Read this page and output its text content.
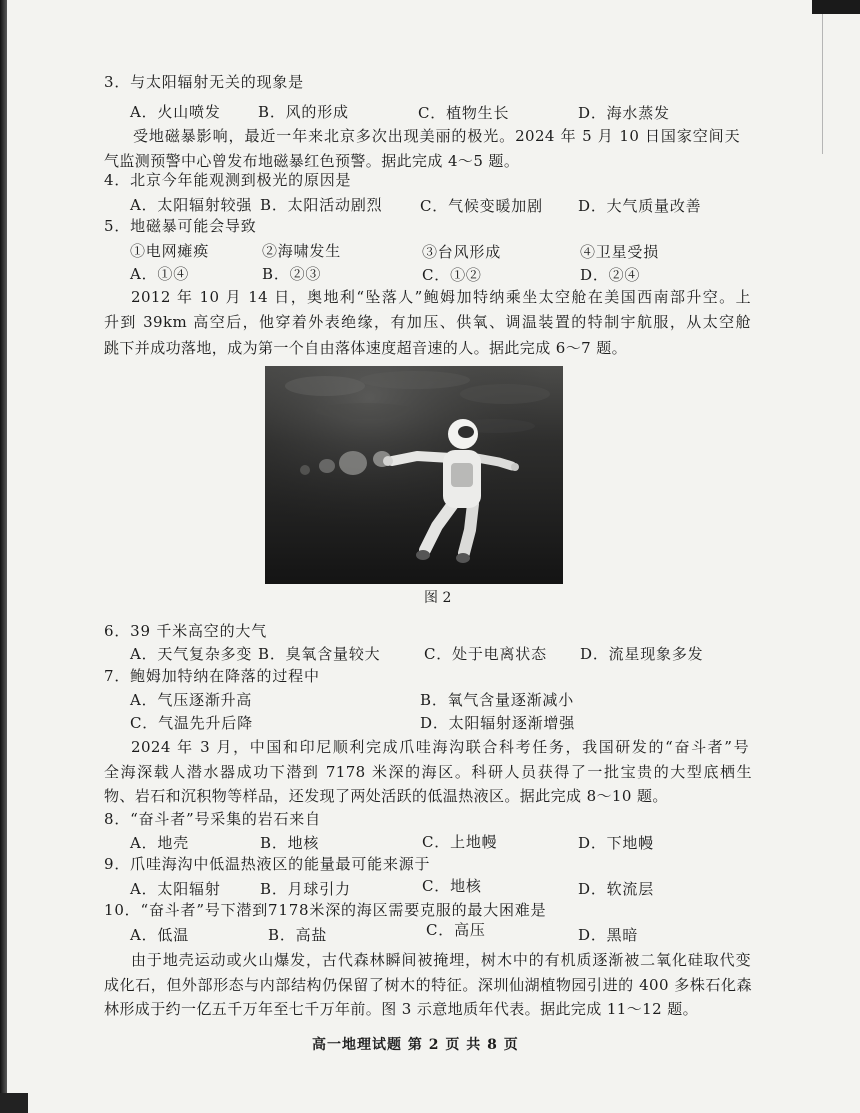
3．与太阳辐射无关的现象是
A．火山喷发 B．风的形成	C．植物生长	D．海水蒸发
受地磁暴影响，最近一年来北京多次出现美丽的极光。2024 年 5 月 10 日国家空间天
气监测预警中心曾发布地磁暴红色预警。据此完成 4～5 题。
4．北京今年能观测到极光的原因是
A．太阳辐射较强 B．太阳活动剧烈	C．气候变暖加剧 D．大气质量改善
5．地磁暴可能会导致
①电网瘫痪	②海啸发生	③台风形成	④卫星受损
A．①④	B．②③	C．①②	D．②④
2012 年 10 月 14 日，奥地利“坠落人”鲍姆加特纳乘坐太空舱在美国西南部升空。上
升到 39km 高空后，他穿着外表绝缘，有加压、供氧、调温装置的特制宇航服，从太空舱
跳下并成功落地，成为第一个自由落体速度超音速的人。据此完成 6～7 题。
图 2
6．39 千米高空的大气
A．天气复杂多变 B．臭氧含量较大	C．处于电离状态 D．流星现象多发
7．鲍姆加特纳在降落的过程中
A．气压逐渐升高	B．氧气含量逐渐减小
C．气温先升后降	D．太阳辐射逐渐增强
2024 年 3 月，中国和印尼顺利完成爪哇海沟联合科考任务，我国研发的“奋斗者”号
全海深载人潜水器成功下潜到 7178 米深的海区。科研人员获得了一批宝贵的大型底栖生
物、岩石和沉积物等样品，还发现了两处活跃的低温热液区。据此完成 8～10 题。
8．“奋斗者”号采集的岩石来自
A．地壳	B．地核	C．上地幔	D．下地幔
9．爪哇海沟中低温热液区的能量最可能来源于
A．太阳辐射	B．月球引力	C．地核	D．软流层
10．“奋斗者”号下潜到7178米深的海区需要克服的最大困难是
A．低温	B．高盐	C．高压	D．黑暗
由于地壳运动或火山爆发，古代森林瞬间被掩埋，树木中的有机质逐渐被二氧化硅取代变
成化石，但外部形态与内部结构仍保留了树木的特征。深圳仙湖植物园引进的 400 多株石化森
林形成于约一亿五千万年至七千万年前。图 3 示意地质年代表。据此完成 11～12 题。
高一地理试题 第 2 页 共 8 页
